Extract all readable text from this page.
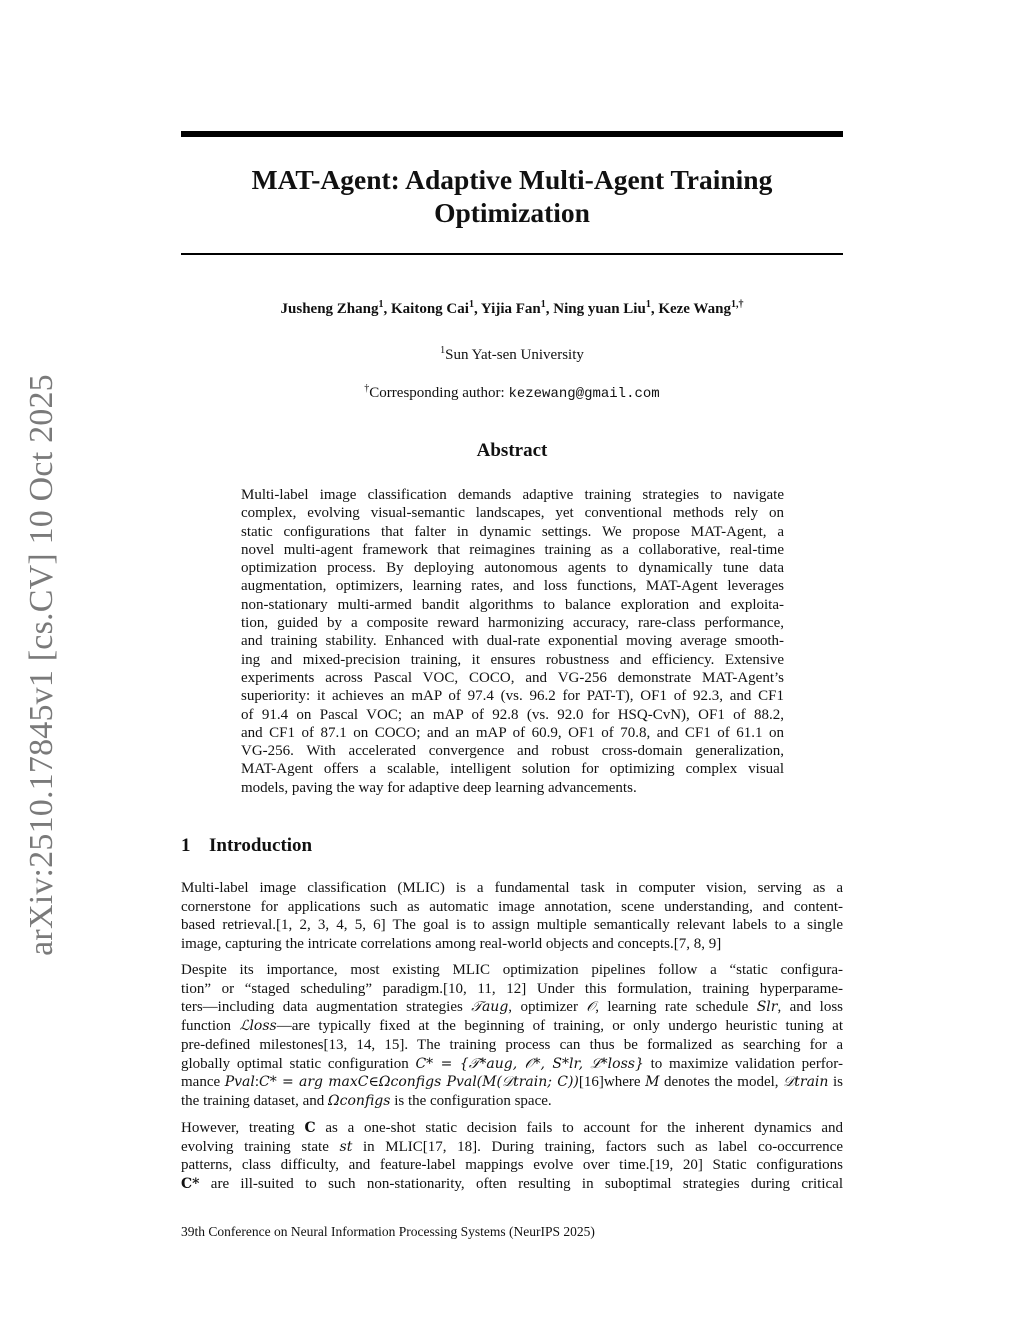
arXiv:2510.17845v1 [cs.CV] 10 Oct 2025
MAT-Agent: Adaptive Multi-Agent Training
Optimization
Jusheng Zhang$^1$, Kaitong Cai$^1$, Yijia Fan$^1$, Ning yuan Liu$^1$, Keze Wang$^{1,\dagger}$
$^1$Sun Yat-sen University
†Corresponding author: kezewang@gmail.com
Abstract
Multi-label image classification demands adaptive training strategies to navigate
complex, evolving visual-semantic landscapes, yet conventional methods rely on
static configurations that falter in dynamic settings. We propose MAT-Agent, a
novel multi-agent framework that reimagines training as a collaborative, real-time
optimization process. By deploying autonomous agents to dynamically tune data
augmentation, optimizers, learning rates, and loss functions, MAT-Agent leverages
non-stationary multi-armed bandit algorithms to balance exploration and exploita-
tion, guided by a composite reward harmonizing accuracy, rare-class performance,
and training stability. Enhanced with dual-rate exponential moving average smooth-
ing and mixed-precision training, it ensures robustness and efficiency. Extensive
experiments across Pascal VOC, COCO, and VG-256 demonstrate MAT-Agent’s
superiority: it achieves an mAP of 97.4 (vs. 96.2 for PAT-T), OF1 of 92.3, and CF1
of 91.4 on Pascal VOC; an mAP of 92.8 (vs. 92.0 for HSQ-CvN), OF1 of 88.2,
and CF1 of 87.1 on COCO; and an mAP of 60.9, OF1 of 70.8, and CF1 of 61.1 on
VG-256. With accelerated convergence and robust cross-domain generalization,
MAT-Agent offers a scalable, intelligent solution for optimizing complex visual
models, paving the way for adaptive deep learning advancements.
1 Introduction
Multi-label image classification (MLIC) is a fundamental task in computer vision, serving as a
cornerstone for applications such as automatic image annotation, scene understanding, and content-
based retrieval.[1, 2, 3, 4, 5, 6] The goal is to assign multiple semantically relevant labels to a single
image, capturing the intricate correlations among real-world objects and concepts.[7, 8, 9]
Despite its importance, most existing MLIC optimization pipelines follow a “static configura-
tion” or “staged scheduling” paradigm.[10, 11, 12] Under this formulation, training hyperparame-
ters—including data augmentation strategies 𝒯aug, optimizer 𝒪, learning rate schedule Slr, and loss
function ℒloss—are typically fixed at the beginning of training, or only undergo heuristic tuning at
pre-defined milestones[13, 14, 15]. The training process can thus be formalized as searching for a
globally optimal static configuration C* = {𝒯*aug, 𝒪*, S*lr, ℒ*loss} to maximize validation perfor-
mance Pval:C* = arg maxC∈Ωconfigs Pval(M(𝒟train; C))[16]where M denotes the model, 𝒟train is
the training dataset, and Ωconfigs is the configuration space.
However, treating C as a one-shot static decision fails to account for the inherent dynamics and
evolving training state st in MLIC[17, 18]. During training, factors such as label co-occurrence
patterns, class difficulty, and feature-label mappings evolve over time.[19, 20] Static configurations
C* are ill-suited to such non-stationarity, often resulting in suboptimal strategies during critical
39th Conference on Neural Information Processing Systems (NeurIPS 2025)
